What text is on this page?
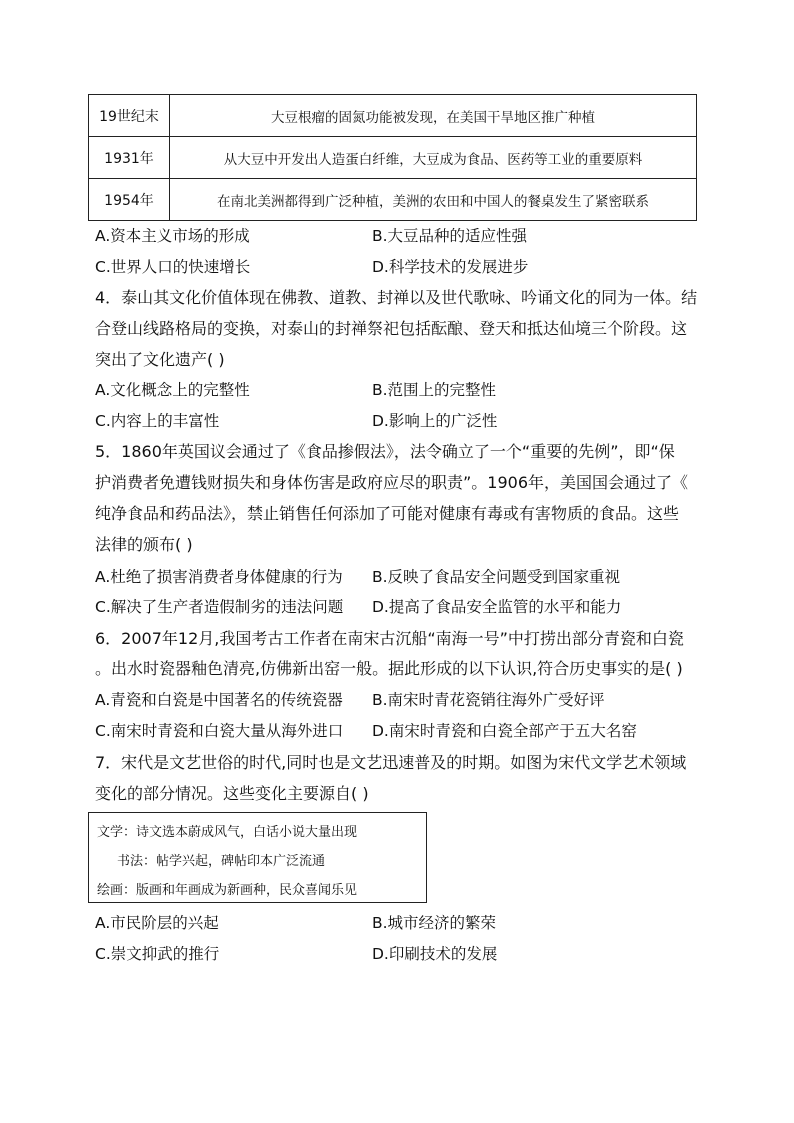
19世纪末	大豆根瘤的固氮功能被发现，在美国干旱地区推广种植
1931年	从大豆中开发出人造蛋白纤维，大豆成为食品、医药等工业的重要原料
1954年	在南北美洲都得到广泛种植，美洲的农田和中国人的餐桌发生了紧密联系
A.资本主义市场的形成	B.大豆品种的适应性强
C.世界人口的快速增长	D.科学技术的发展进步
4．泰山其文化价值体现在佛教、道教、封禅以及世代歌咏、吟诵文化的同为一体。结
合登山线路格局的变换，对泰山的封禅祭祀包括酝酿、登天和抵达仙境三个阶段。这
突出了文化遗产( )
A.文化概念上的完整性	B.范围上的完整性
C.内容上的丰富性	D.影响上的广泛性
5．1860年英国议会通过了《食品掺假法》，法令确立了一个“重要的先例”，即“保
护消费者免遭钱财损失和身体伤害是政府应尽的职责”。1906年，美国国会通过了《
纯净食品和药品法》，禁止销售任何添加了可能对健康有毒或有害物质的食品。这些
法律的颁布( )
A.杜绝了损害消费者身体健康的行为 B.反映了食品安全问题受到国家重视
C.解决了生产者造假制劣的违法问题 D.提高了食品安全监管的水平和能力
6．2007年12月,我国考古工作者在南宋古沉船“南海一号”中打捞出部分青瓷和白瓷
。出水时瓷器釉色清亮,仿佛新出窑一般。据此形成的以下认识,符合历史事实的是( )
A.青瓷和白瓷是中国著名的传统瓷器 B.南宋时青花瓷销往海外广受好评
C.南宋时青瓷和白瓷大量从海外进口 D.南宋时青瓷和白瓷全部产于五大名窑
7．宋代是文艺世俗的时代,同时也是文艺迅速普及的时期。如图为宋代文学艺术领域
变化的部分情况。这些变化主要源自( )
文学：诗文选本蔚成风气，白话小说大量出现
书法：帖学兴起，碑帖印本广泛流通
绘画：版画和年画成为新画种，民众喜闻乐见
A.市民阶层的兴起	B.城市经济的繁荣
C.崇文抑武的推行	D.印刷技术的发展
